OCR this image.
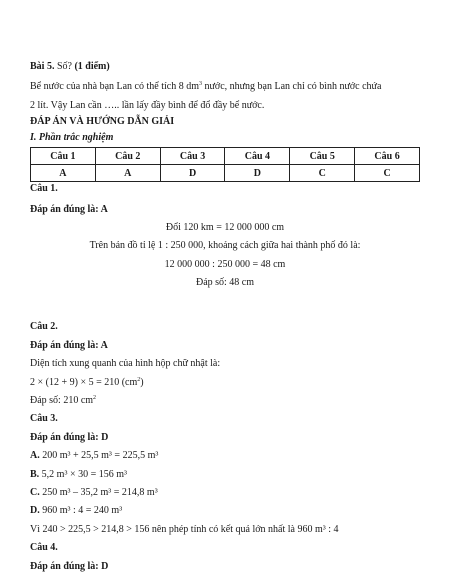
Bài 5. Số? (1 điểm)
Bể nước của nhà bạn Lan có thể tích 8 $dm^3$ nước, nhưng bạn Lan chỉ có bình nước chứa
2 lít. Vậy Lan cần ….. lần lấy đầy bình để đổ đầy bể nước.
ĐÁP ÁN VÀ HƯỚNG DẪN GIẢI
I. Phần trắc nghiệm
Câu 1	Câu 2	Câu 3	Câu 4	Câu 5	Câu 6
A	A	D	D	C	C
Câu 1.
Đáp án đúng là: A
Đổi 120 km = 12 000 000 cm
Trên bản đồ tỉ lệ 1 : 250 000, khoảng cách giữa hai thành phố đó là:
12 000 000 : 250 000 = 48 cm
Đáp số: 48 cm
Câu 2.
Đáp án đúng là: A
Diện tích xung quanh của hình hộp chữ nhật là:
2 × (12 + 9) × 5 = 210 $(cm^2)$
Đáp số: 210 $cm^2$
Câu 3.
Đáp án đúng là: D
A. 200 m³ + 25,5 m³ = 225,5 m³
B. 5,2 m³ × 30 = 156 m³
C. 250 m³ – 35,2 m³ = 214,8 m³
D. 960 m³ : 4 = 240 m³
Vì 240 > 225,5 > 214,8 > 156 nên phép tính có kết quả lớn nhất là 960 m³ : 4
Câu 4.
Đáp án đúng là: D
